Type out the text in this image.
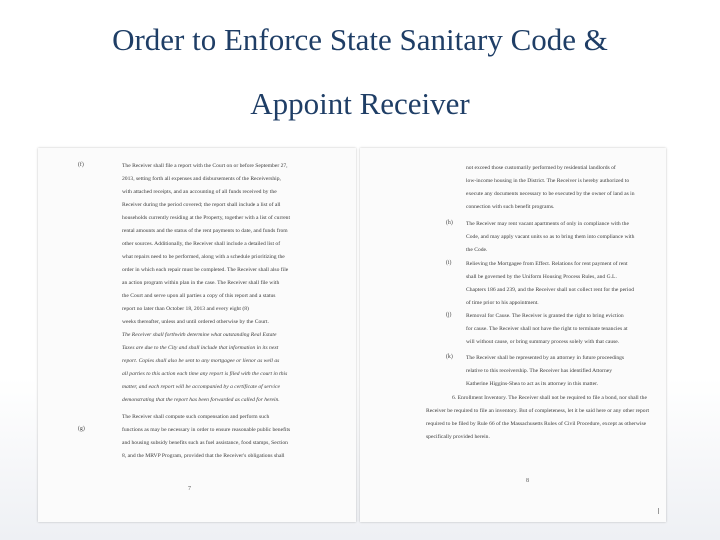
Order to Enforce State Sanitary Code &
Appoint Receiver
(f)
(g)
The Receiver shall file a report with the Court on or before September 27,
2013, setting forth all expenses and disbursements of the Receivership,
with attached receipts, and an accounting of all funds received by the
Receiver during the period covered; the report shall include a list of all
households currently residing at the Property, together with a list of current
rental amounts and the status of the rent payments to date, and funds from
other sources. Additionally, the Receiver shall include a detailed list of
what repairs need to be performed, along with a schedule prioritizing the
order in which each repair must be completed. The Receiver shall also file
an action program within plan in the case. The Receiver shall file with
the Court and serve upon all parties a copy of this report and a status
report no later than October 18, 2013 and every eight (8)
weeks thereafter, unless and until ordered otherwise by the Court.
The Receiver shall forthwith determine what outstanding Real Estate
Taxes are due to the City and shall include that information in its next
report. Copies shall also be sent to any mortgagee or lienor as well as
all parties to this action each time any report is filed with the court in this
matter, and each report will be accompanied by a certificate of service
demonstrating that the report has been forwarded as called for herein.
The Receiver shall compute such compensation and perform such
functions as may be necessary in order to ensure reasonable public benefits
and housing subsidy benefits such as fuel assistance, food stamps, Section
8, and the MRVP Program, provided that the Receiver's obligations shall
7
(h)
(i)
(j)
(k)
not exceed those customarily performed by residential landlords of
low-income housing in the District. The Receiver is hereby authorized to
execute any documents necessary to be executed by the owner of land as in
connection with such benefit programs.
The Receiver may rent vacant apartments of only in compliance with the
Code, and may apply vacant units so as to bring them into compliance with
the Code.
Relieving the Mortgagee from Effect. Relations for rent payment of rent
shall be governed by the Uniform Housing Process Rules, and G.L.
Chapters 186 and 239, and the Receiver shall not collect rent for the period
of time prior to his appointment.
Removal for Cause. The Receiver is granted the right to bring eviction
for cause. The Receiver shall not have the right to terminate tenancies at
will without cause, or bring summary process solely with that cause.
The Receiver shall be represented by an attorney in future proceedings
relative to this receivership. The Receiver has identified Attorney
Katherine Higgins-Shea to act as its attorney in this matter.
6. Enrollment Inventory. The Receiver shall not be required to file a bond, nor shall the
Receiver be required to file an inventory. But of completeness, let it be said here or any other report
required to be filed by Rule 66 of the Massachusetts Rules of Civil Procedure, except as otherwise
specifically provided herein.
8
